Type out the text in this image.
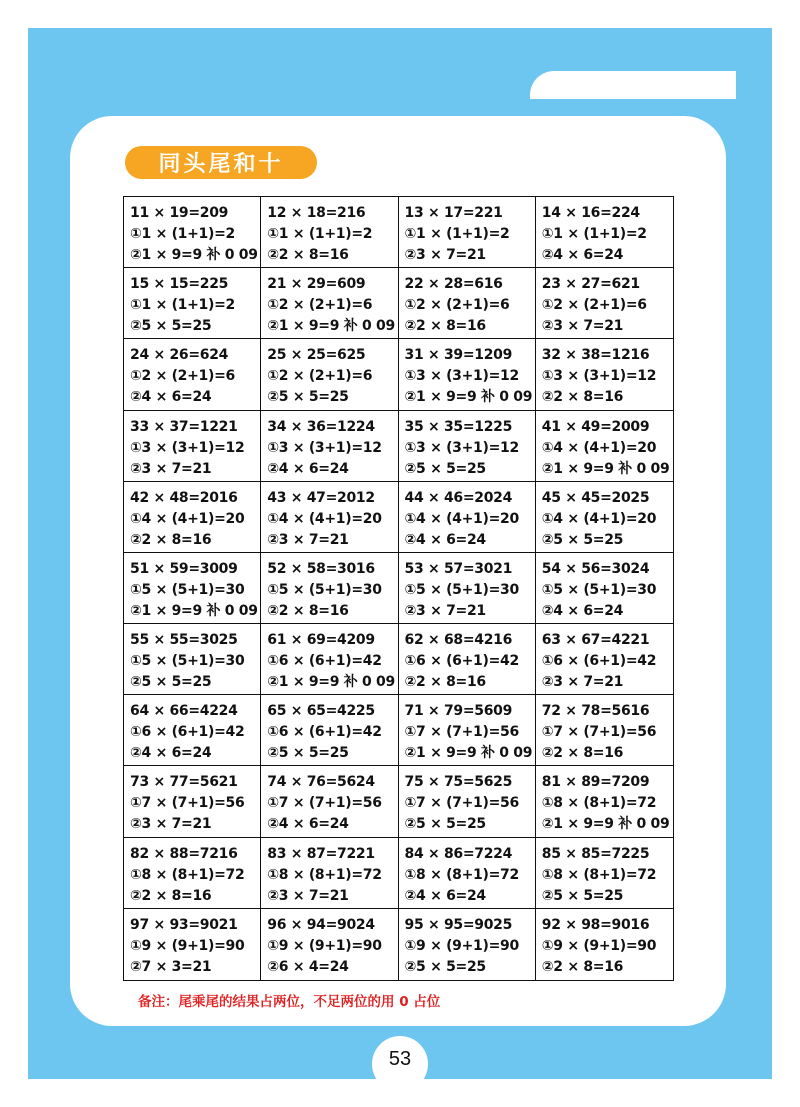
同头尾和十
11 × 19=209
①1 × (1+1)=2
②1 × 9=9 补 0 09
12 × 18=216
①1 × (1+1)=2
②2 × 8=16
13 × 17=221
①1 × (1+1)=2
②3 × 7=21
14 × 16=224
①1 × (1+1)=2
②4 × 6=24
15 × 15=225
①1 × (1+1)=2
②5 × 5=25
21 × 29=609
①2 × (2+1)=6
②1 × 9=9 补 0 09
22 × 28=616
①2 × (2+1)=6
②2 × 8=16
23 × 27=621
①2 × (2+1)=6
②3 × 7=21
24 × 26=624
①2 × (2+1)=6
②4 × 6=24
25 × 25=625
①2 × (2+1)=6
②5 × 5=25
31 × 39=1209
①3 × (3+1)=12
②1 × 9=9 补 0 09
32 × 38=1216
①3 × (3+1)=12
②2 × 8=16
33 × 37=1221
①3 × (3+1)=12
②3 × 7=21
34 × 36=1224
①3 × (3+1)=12
②4 × 6=24
35 × 35=1225
①3 × (3+1)=12
②5 × 5=25
41 × 49=2009
①4 × (4+1)=20
②1 × 9=9 补 0 09
42 × 48=2016
①4 × (4+1)=20
②2 × 8=16
43 × 47=2012
①4 × (4+1)=20
②3 × 7=21
44 × 46=2024
①4 × (4+1)=20
②4 × 6=24
45 × 45=2025
①4 × (4+1)=20
②5 × 5=25
51 × 59=3009
①5 × (5+1)=30
②1 × 9=9 补 0 09
52 × 58=3016
①5 × (5+1)=30
②2 × 8=16
53 × 57=3021
①5 × (5+1)=30
②3 × 7=21
54 × 56=3024
①5 × (5+1)=30
②4 × 6=24
55 × 55=3025
①5 × (5+1)=30
②5 × 5=25
61 × 69=4209
①6 × (6+1)=42
②1 × 9=9 补 0 09
62 × 68=4216
①6 × (6+1)=42
②2 × 8=16
63 × 67=4221
①6 × (6+1)=42
②3 × 7=21
64 × 66=4224
①6 × (6+1)=42
②4 × 6=24
65 × 65=4225
①6 × (6+1)=42
②5 × 5=25
71 × 79=5609
①7 × (7+1)=56
②1 × 9=9 补 0 09
72 × 78=5616
①7 × (7+1)=56
②2 × 8=16
73 × 77=5621
①7 × (7+1)=56
②3 × 7=21
74 × 76=5624
①7 × (7+1)=56
②4 × 6=24
75 × 75=5625
①7 × (7+1)=56
②5 × 5=25
81 × 89=7209
①8 × (8+1)=72
②1 × 9=9 补 0 09
82 × 88=7216
①8 × (8+1)=72
②2 × 8=16
83 × 87=7221
①8 × (8+1)=72
②3 × 7=21
84 × 86=7224
①8 × (8+1)=72
②4 × 6=24
85 × 85=7225
①8 × (8+1)=72
②5 × 5=25
97 × 93=9021
①9 × (9+1)=90
②7 × 3=21
96 × 94=9024
①9 × (9+1)=90
②6 × 4=24
95 × 95=9025
①9 × (9+1)=90
②5 × 5=25
92 × 98=9016
①9 × (9+1)=90
②2 × 8=16
备注：尾乘尾的结果占两位，不足两位的用 0 占位
53
